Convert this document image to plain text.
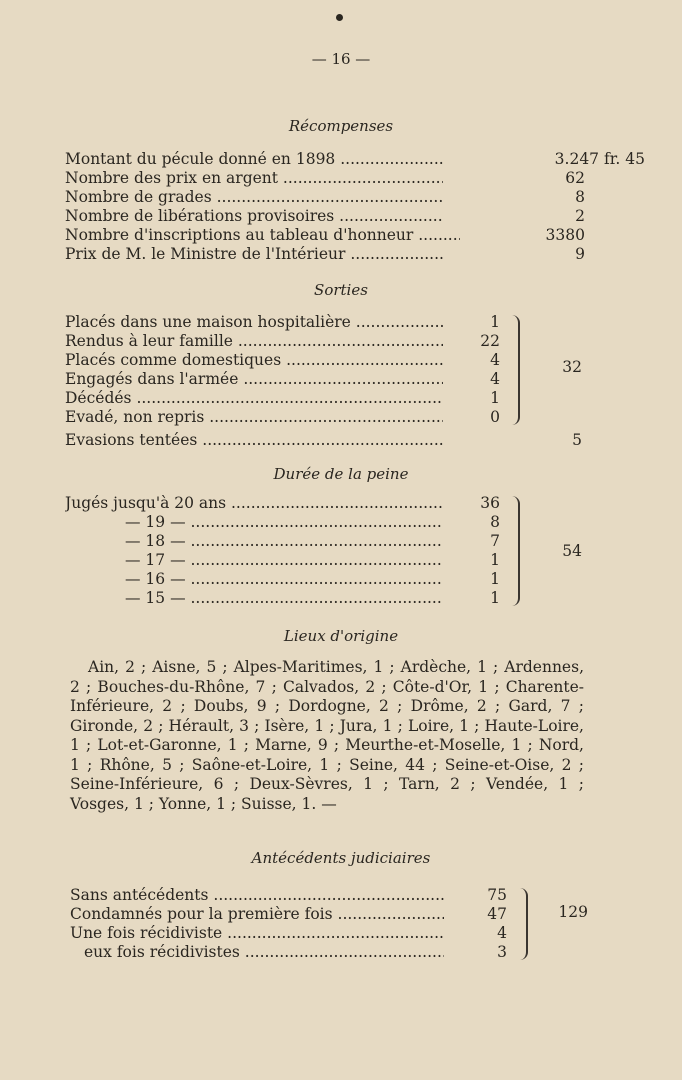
— 16 —
Récompenses
Montant du pécule donné en 1898 .....	3.247 fr. 45
Nombre des prix en argent .....	62
Nombre de grades .....	8
Nombre de libérations provisoires .....	2
Nombre d'inscriptions au tableau d'honneur .....	3380
Prix de M. le Ministre de l'Intérieur .....	9
Sorties
Placés dans une maison hospitalière .....	1
Rendus à leur famille .....	22
Placés comme domestiques .....	4
Engagés dans l'armée .....	4
Décédés .....	1
Evadé, non repris .....	0
32
Evasions tentées .....	5
Durée de la peine
Jugés jusqu'à 20 ans .....	36
— 19 — .....	8
— 18 — .....	7
— 17 — .....	1
— 16 — .....	1
— 15 — .....	1
54
Lieux d'origine
Ain, 2 ; Aisne, 5 ; Alpes-Maritimes, 1 ; Ardèche, 1 ; Ardennes, 2 ; Bouches-du-Rhône, 7 ; Calvados, 2 ; Côte-d'Or, 1 ; Charente-Inférieure, 2 ; Doubs, 9 ; Dordogne, 2 ; Drôme, 2 ; Gard, 7 ; Gironde, 2 ; Hérault, 3 ; Isère, 1 ; Jura, 1 ; Loire, 1 ; Haute-Loire, 1 ; Lot-et-Garonne, 1 ; Marne, 9 ; Meurthe-et-Moselle, 1 ; Nord, 1 ; Rhône, 5 ; Saône-et-Loire, 1 ; Seine, 44 ; Seine-et-Oise, 2 ; Seine-Inférieure, 6 ; Deux-Sèvres, 1 ; Tarn, 2 ; Vendée, 1 ; Vosges, 1 ; Yonne, 1 ; Suisse, 1. —
Antécédents judiciaires
Sans antécédents .....	75
Condamnés pour la première fois .....	47
Une fois récidiviste .....	4
eux fois récidivistes .....	3
129
